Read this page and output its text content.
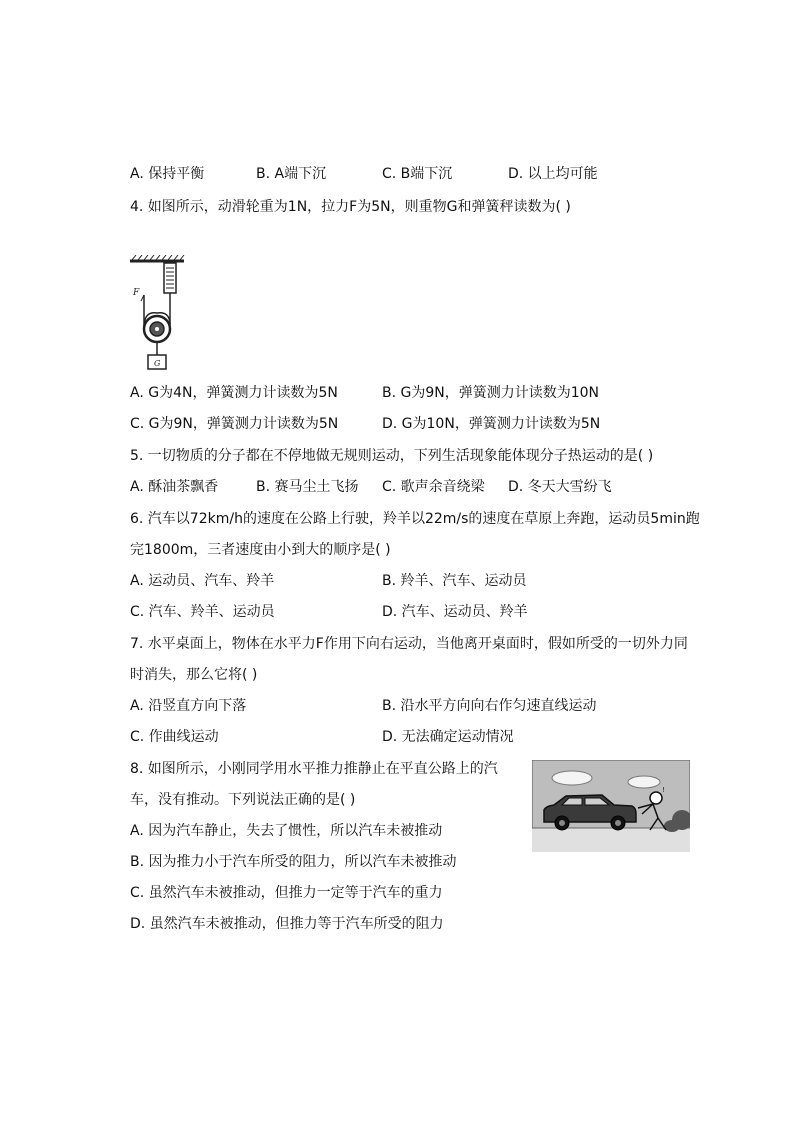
A. 保持平衡	B. A端下沉	C. B端下沉	D. 以上均可能
4. 如图所示，动滑轮重为1N，拉力F为5N，则重物G和弹簧秤读数为( )
F
G
A. G为4N，弹簧测力计读数为5N	B. G为9N，弹簧测力计读数为10N
C. G为9N，弹簧测力计读数为5N	D. G为10N，弹簧测力计读数为5N
5. 一切物质的分子都在不停地做无规则运动，下列生活现象能体现分子热运动的是( )
A. 酥油茶飘香	B. 赛马尘土飞扬 C. 歌声余音绕梁 D. 冬天大雪纷飞
6. 汽车以72km/h的速度在公路上行驶，羚羊以22m/s的速度在草原上奔跑，运动员5min跑
完1800m，三者速度由小到大的顺序是( )
A. 运动员、汽车、羚羊	B. 羚羊、汽车、运动员
C. 汽车、羚羊、运动员	D. 汽车、运动员、羚羊
7. 水平桌面上，物体在水平力F作用下向右运动，当他离开桌面时，假如所受的一切外力同
时消失，那么它将( )
A. 沿竖直方向下落	B. 沿水平方向向右作匀速直线运动
C. 作曲线运动	D. 无法确定运动情况
8. 如图所示，小刚同学用水平推力推静止在平直公路上的汽
车，没有推动。下列说法正确的是( )
A. 因为汽车静止，失去了惯性，所以汽车未被推动
B. 因为推力小于汽车所受的阻力，所以汽车未被推动
C. 虽然汽车未被推动，但推力一定等于汽车的重力
D. 虽然汽车未被推动，但推力等于汽车所受的阻力
!
